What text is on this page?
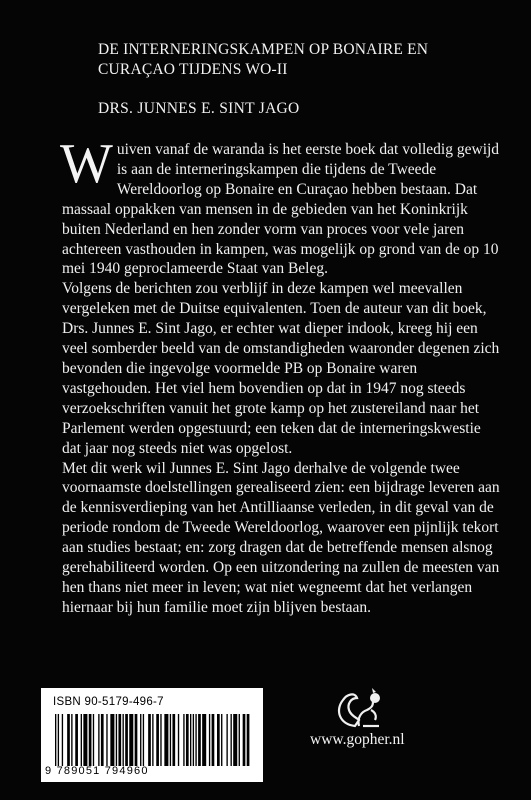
DE INTERNERINGSKAMPEN OP BONAIRE EN
CURAÇAO TIJDENS WO-II
DRS. JUNNES E. SINT JAGO

Wuiven vanaf de waranda is het eerste boek dat volledig gewijd is aan de interneringskampen die tijdens de Tweede Wereldoorlog op Bonaire en Curaçao hebben bestaan. Dat massaal oppakken van mensen in de gebieden van het Koninkrijk buiten Nederland en hen zonder vorm van proces voor vele jaren achtereen vasthouden in kampen, was mogelijk op grond van de op 10 mei 1940 geproclameerde Staat van Beleg.

Volgens de berichten zou verblijf in deze kampen wel meevallen vergeleken met de Duitse equivalenten. Toen de auteur van dit boek, Drs. Junnes E. Sint Jago, er echter wat dieper indook, kreeg hij een veel somberder beeld van de omstandigheden waaronder degenen zich bevonden die ingevolge voormelde PB op Bonaire waren vastgehouden. Het viel hem bovendien op dat in 1947 nog steeds verzoekschriften vanuit het grote kamp op het zustereiland naar het Parlement werden opgestuurd; een teken dat de interneringskwestie dat jaar nog steeds niet was opgelost.

Met dit werk wil Junnes E. Sint Jago derhalve de volgende twee voornaamste doelstellingen gerealiseerd zien: een bijdrage leveren aan de kennisverdieping van het Antilliaanse verleden, in dit geval van de periode rondom de Tweede Wereldoorlog, waarover een pijnlijk tekort aan studies bestaat; en: zorg dragen dat de betreffende mensen alsnog gerehabiliteerd worden. Op een uitzondering na zullen de meesten van hen thans niet meer in leven; wat niet wegneemt dat het verlangen hiernaar bij hun familie moet zijn blijven bestaan.

ISBN 90-5179-496-7
9 789051 794960
www.gopher.nl
